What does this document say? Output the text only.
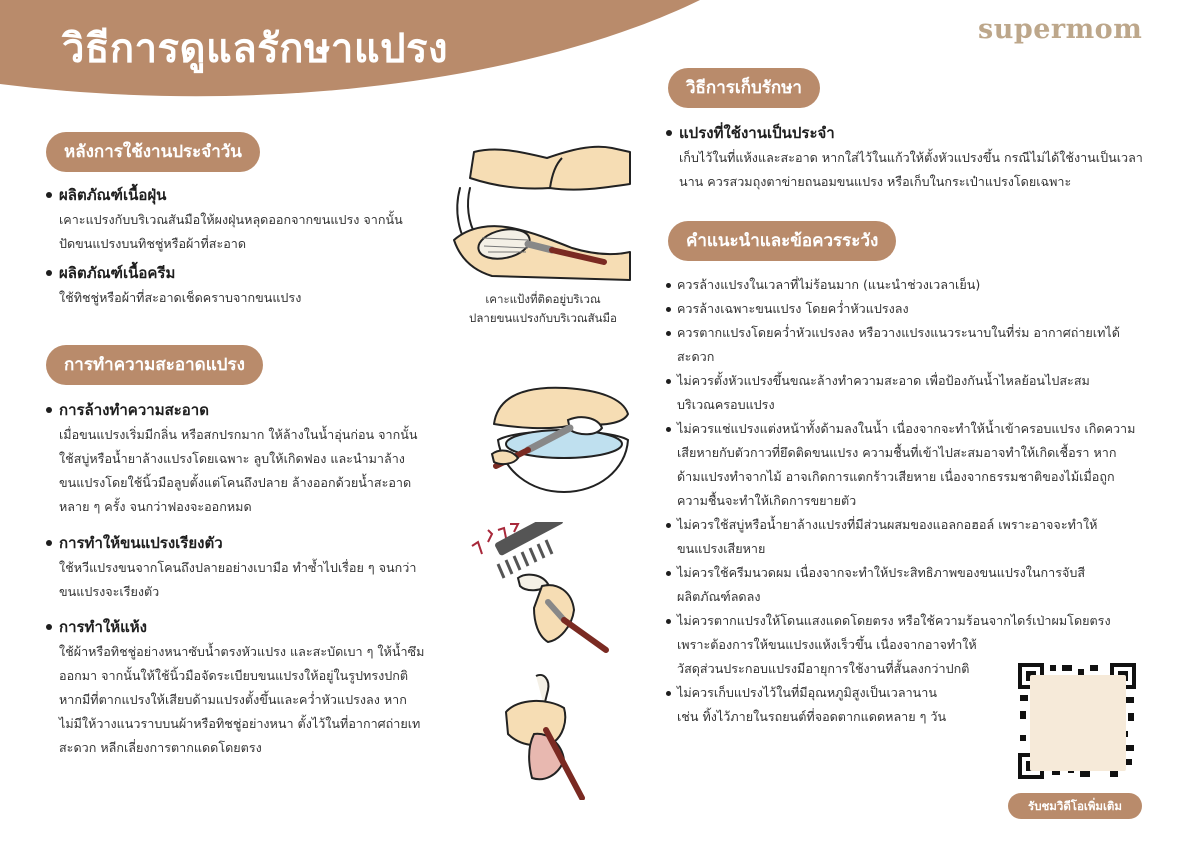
วิธีการดูแลรักษาแปรง	supermom
หลังการใช้งานประจำวัน
ผลิตภัณฑ์เนื้อฝุ่น
เคาะแปรงกับบริเวณสันมือให้ผงฝุ่นหลุดออกจากขนแปรง จากนั้น
ปัดขนแปรงบนทิชชู่หรือผ้าที่สะอาด
ผลิตภัณฑ์เนื้อครีม
ใช้ทิชชู่หรือผ้าที่สะอาดเช็ดคราบจากขนแปรง
การทำความสะอาดแปรง
การล้างทำความสะอาด
เมื่อขนแปรงเริ่มมีกลิ่น หรือสกปรกมาก ให้ล้างในน้ำอุ่นก่อน จากนั้น
ใช้สบู่หรือน้ำยาล้างแปรงโดยเฉพาะ ลูบให้เกิดฟอง และนำมาล้าง
ขนแปรงโดยใช้นิ้วมือลูบตั้งแต่โคนถึงปลาย ล้างออกด้วยน้ำสะอาด
หลาย ๆ ครั้ง จนกว่าฟองจะออกหมด
การทำให้ขนแปรงเรียงตัว
ใช้หวีแปรงขนจากโคนถึงปลายอย่างเบามือ ทำซ้ำไปเรื่อย ๆ จนกว่า
ขนแปรงจะเรียงตัว
การทำให้แห้ง
ใช้ผ้าหรือทิชชู่อย่างหนาซับน้ำตรงหัวแปรง และสะบัดเบา ๆ ให้น้ำซึม
ออกมา จากนั้นให้ใช้นิ้วมือจัดระเบียบขนแปรงให้อยู่ในรูปทรงปกติ
หากมีที่ตากแปรงให้เสียบด้ามแปรงตั้งขึ้นและคว่ำหัวแปรงลง หาก
ไม่มีให้วางแนวราบบนผ้าหรือทิชชู่อย่างหนา ตั้งไว้ในที่อากาศถ่ายเท
สะดวก หลีกเลี่ยงการตากแดดโดยตรง
เคาะแป้งที่ติดอยู่บริเวณ
ปลายขนแปรงกับบริเวณสันมือ
วิธีการเก็บรักษา
แปรงที่ใช้งานเป็นประจำ
เก็บไว้ในที่แห้งและสะอาด หากใส่ไว้ในแก้วให้ตั้งหัวแปรงขึ้น กรณีไม่ได้ใช้งานเป็นเวลา
นาน ควรสวมถุงตาข่ายถนอมขนแปรง หรือเก็บในกระเป๋าแปรงโดยเฉพาะ
คำแนะนำและข้อควรระวัง
ควรล้างแปรงในเวลาที่ไม่ร้อนมาก (แนะนำช่วงเวลาเย็น)
ควรล้างเฉพาะขนแปรง โดยคว่ำหัวแปรงลง
ควรตากแปรงโดยคว่ำหัวแปรงลง หรือวางแปรงแนวระนาบในที่ร่ม อากาศถ่ายเทได้
สะดวก
ไม่ควรตั้งหัวแปรงขึ้นขณะล้างทำความสะอาด เพื่อป้องกันน้ำไหลย้อนไปสะสม
บริเวณครอบแปรง
ไม่ควรแช่แปรงแต่งหน้าทั้งด้ามลงในน้ำ เนื่องจากจะทำให้น้ำเข้าครอบแปรง เกิดความ
เสียหายกับตัวกาวที่ยึดติดขนแปรง ความชื้นที่เข้าไปสะสมอาจทำให้เกิดเชื้อรา หาก
ด้ามแปรงทำจากไม้ อาจเกิดการแตกร้าวเสียหาย เนื่องจากธรรมชาติของไม้เมื่อถูก
ความชื้นจะทำให้เกิดการขยายตัว
ไม่ควรใช้สบู่หรือน้ำยาล้างแปรงที่มีส่วนผสมของแอลกอฮอล์ เพราะอาจจะทำให้
ขนแปรงเสียหาย
ไม่ควรใช้ครีมนวดผม เนื่องจากจะทำให้ประสิทธิภาพของขนแปรงในการจับสี
ผลิตภัณฑ์ลดลง
ไม่ควรตากแปรงให้โดนแสงแดดโดยตรง หรือใช้ความร้อนจากไดร์เป่าผมโดยตรง
เพราะต้องการให้ขนแปรงแห้งเร็วขึ้น เนื่องจากอาจทำให้
วัสดุส่วนประกอบแปรงมีอายุการใช้งานที่สั้นลงกว่าปกติ
ไม่ควรเก็บแปรงไว้ในที่มีอุณหภูมิสูงเป็นเวลานาน
เช่น ทิ้งไว้ภายในรถยนต์ที่จอดตากแดดหลาย ๆ วัน
รับชมวิดีโอเพิ่มเติม
